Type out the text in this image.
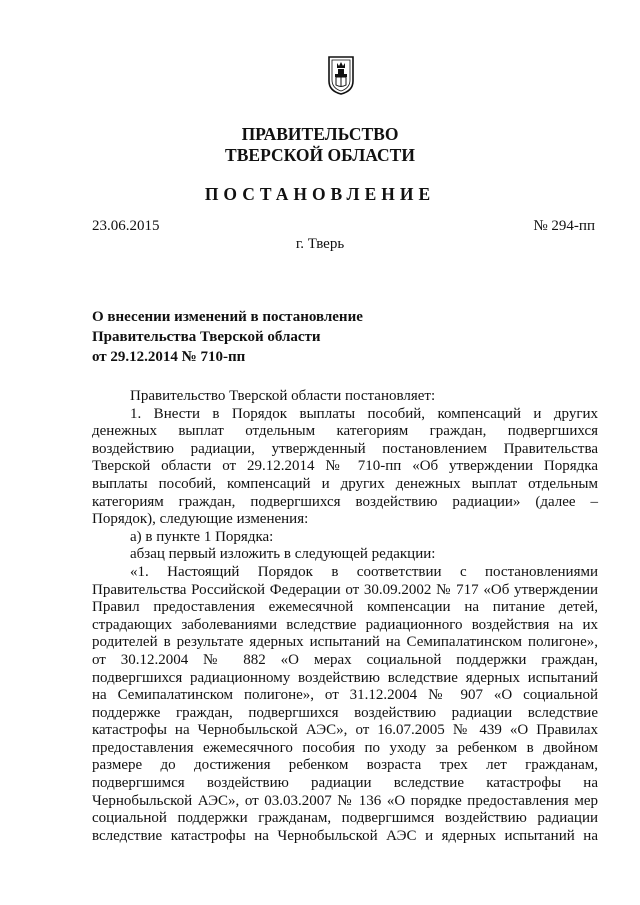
ПРАВИТЕЛЬСТВО
ТВЕРСКОЙ ОБЛАСТИ
ПОСТАНОВЛЕНИЕ
23.06.2015	№ 294-пп
г. Тверь
О внесении изменений в постановление
Правительства Тверской области
от 29.12.2014 № 710-пп
Правительство Тверской области постановляет:
1. Внести в Порядок выплаты пособий, компенсаций и других
денежных выплат отдельным категориям граждан, подвергшихся
воздействию радиации, утвержденный постановлением Правительства
Тверской области от 29.12.2014 № 710-пп «Об утверждении Порядка
выплаты пособий, компенсаций и других денежных выплат отдельным
категориям граждан, подвергшихся воздействию радиации» (далее –
Порядок), следующие изменения:
а) в пункте 1 Порядка:
абзац первый изложить в следующей редакции:
«1. Настоящий Порядок в соответствии с постановлениями
Правительства Российской Федерации от 30.09.2002 № 717 «Об утверждении
Правил предоставления ежемесячной компенсации на питание детей,
страдающих заболеваниями вследствие радиационного воздействия на их
родителей в результате ядерных испытаний на Семипалатинском полигоне»,
от 30.12.2004 № 882 «О мерах социальной поддержки граждан,
подвергшихся радиационному воздействию вследствие ядерных испытаний
на Семипалатинском полигоне», от 31.12.2004 № 907 «О социальной
поддержке граждан, подвергшихся воздействию радиации вследствие
катастрофы на Чернобыльской АЭС», от 16.07.2005 № 439 «О Правилах
предоставления ежемесячного пособия по уходу за ребенком в двойном
размере до достижения ребенком возраста трех лет гражданам,
подвергшимся воздействию радиации вследствие катастрофы на
Чернобыльской АЭС», от 03.03.2007 № 136 «О порядке предоставления мер
социальной поддержки гражданам, подвергшимся воздействию радиации
вследствие катастрофы на Чернобыльской АЭС и ядерных испытаний на
